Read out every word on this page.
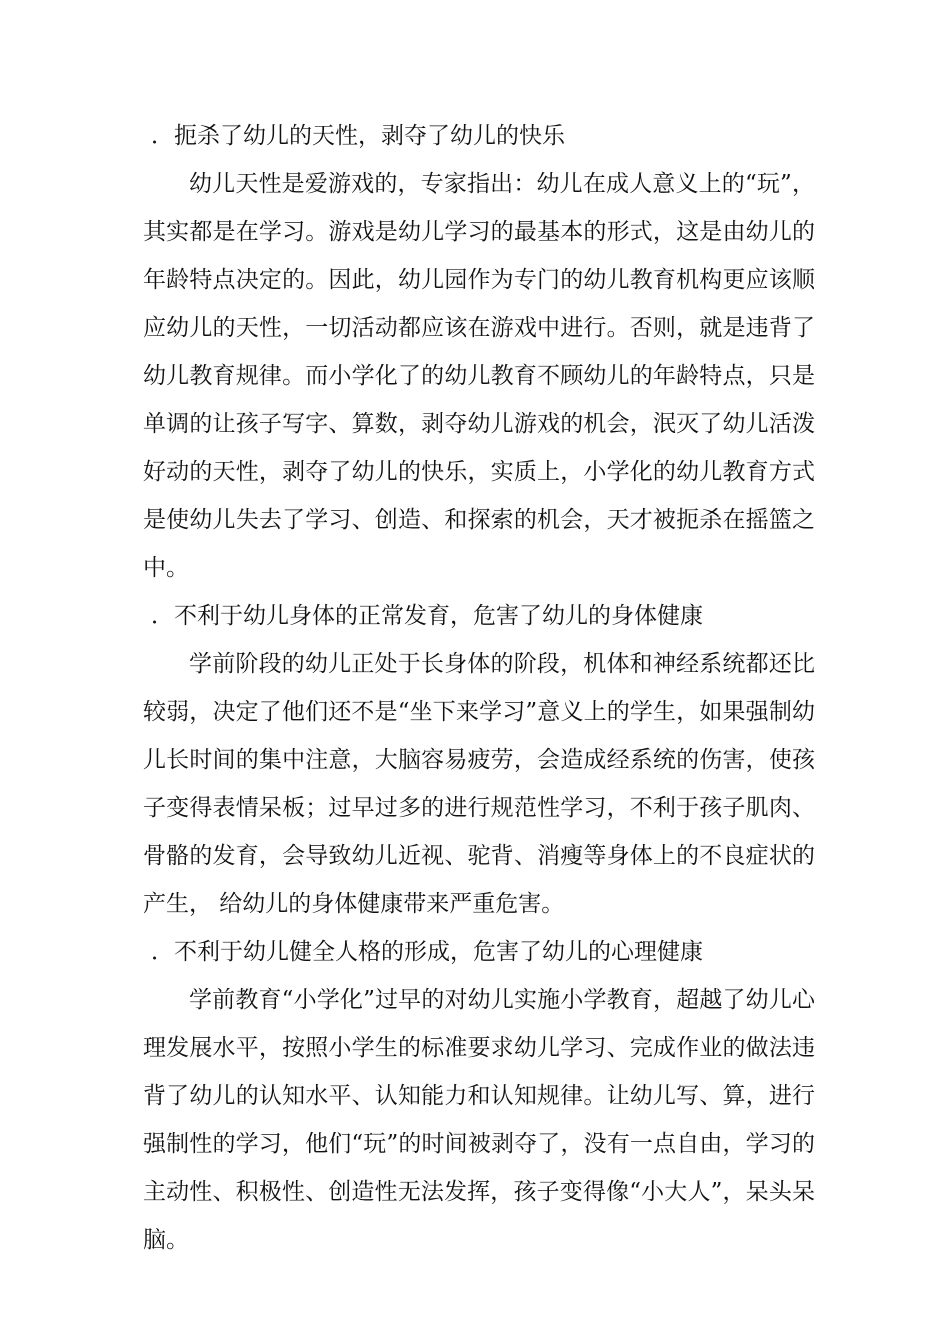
．扼杀了幼儿的天性，剥夺了幼儿的快乐

幼儿天性是爱游戏的，专家指出：幼儿在成人意义上的“玩”，其实都是在学习。游戏是幼儿学习的最基本的形式，这是由幼儿的年龄特点决定的。因此，幼儿园作为专门的幼儿教育机构更应该顺应幼儿的天性，一切活动都应该在游戏中进行。否则，就是违背了幼儿教育规律。而小学化了的幼儿教育不顾幼儿的年龄特点，只是单调的让孩子写字、算数，剥夺幼儿游戏的机会，泯灭了幼儿活泼好动的天性，剥夺了幼儿的快乐，实质上，小学化的幼儿教育方式是使幼儿失去了学习、创造、和探索的机会，天才被扼杀在摇篮之中。

．不利于幼儿身体的正常发育，危害了幼儿的身体健康

学前阶段的幼儿正处于长身体的阶段，机体和神经系统都还比较弱，决定了他们还不是“坐下来学习”意义上的学生，如果强制幼儿长时间的集中注意，大脑容易疲劳，会造成经系统的伤害，使孩子变得表情呆板；过早过多的进行规范性学习，不利于孩子肌肉、骨骼的发育，会导致幼儿近视、驼背、消瘦等身体上的不良症状的产生， 给幼儿的身体健康带来严重危害。

．不利于幼儿健全人格的形成，危害了幼儿的心理健康

学前教育“小学化”过早的对幼儿实施小学教育，超越了幼儿心理发展水平，按照小学生的标准要求幼儿学习、完成作业的做法违背了幼儿的认知水平、认知能力和认知规律。让幼儿写、算，进行强制性的学习，他们“玩”的时间被剥夺了，没有一点自由，学习的主动性、积极性、创造性无法发挥，孩子变得像“小大人”，呆头呆脑。
